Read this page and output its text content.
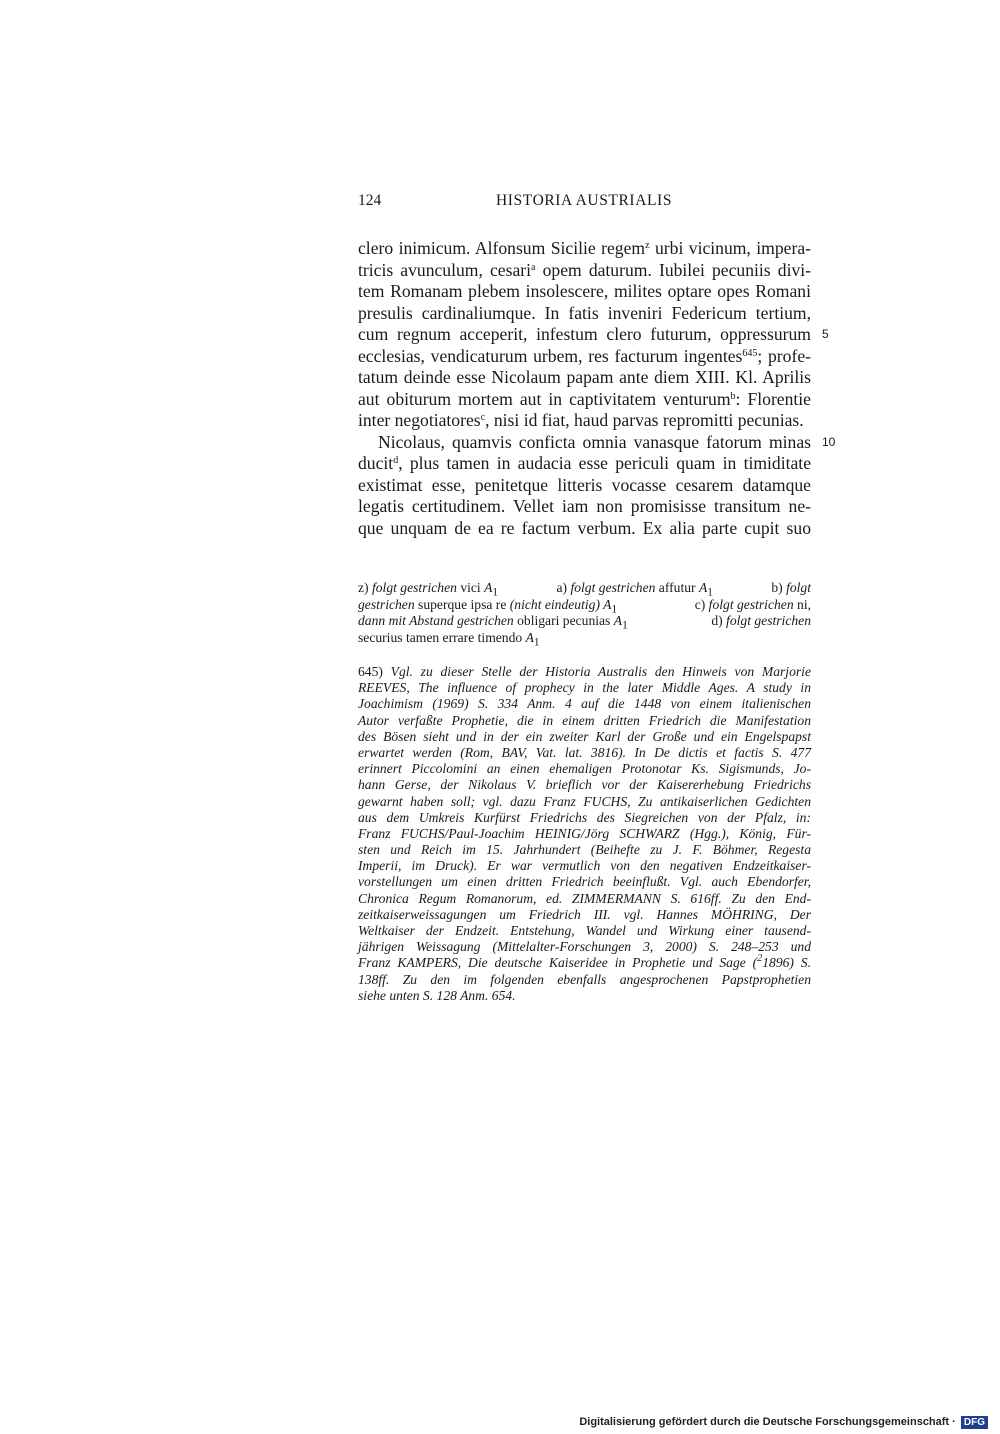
124	HISTORIA AUSTRIALIS
clero inimicum. Alfonsum Sicilie regem$^z$ urbi vicinum, impera-
tricis avunculum, cesari$^a$ opem daturum. Iubilei pecuniis divi-
tem Romanam plebem insolescere, milites optare opes Romani
presulis cardinaliumque. In fatis inveniri Federicum tertium,
cum regnum acceperit, infestum clero futurum, oppressurum 5
ecclesias, vendicaturum urbem, res facturum ingentes$^{645}$; profe-
tatum deinde esse Nicolaum papam ante diem XIII. Kl. Aprilis
aut obiturum mortem aut in captivitatem venturum$^b$: Florentie
inter negotiatores$^c$, nisi id fiat, haud parvas repromitti pecunias.
Nicolaus, quamvis conficta omnia vanasque fatorum minas 10
ducit$^d$, plus tamen in audacia esse periculi quam in timiditate
existimat esse, penitetque litteris vocasse cesarem datamque
legatis certitudinem. Vellet iam non promisisse transitum ne-
que unquam de ea re factum verbum. Ex alia parte cupit suo
z) folgt gestrichen vici $A_1$	a) folgt gestrichen affutur $A_1$	b) folgt
gestrichen superque ipsa re (nicht eindeutig) $A_1$	c) folgt gestrichen ni,
dann mit Abstand gestrichen obligari pecunias $A_1$	d) folgt gestrichen
securius tamen errare timendo $A_1$
645) Vgl. zu dieser Stelle der Historia Australis den Hinweis von Marjorie
REEVES, The influence of prophecy in the later Middle Ages. A study in
Joachimism (1969) S. 334 Anm. 4 auf die 1448 von einem italienischen
Autor verfaßte Prophetie, die in einem dritten Friedrich die Manifestation
des Bösen sieht und in der ein zweiter Karl der Große und ein Engelspapst
erwartet werden (Rom, BAV, Vat. lat. 3816). In De dictis et factis S. 477
erinnert Piccolomini an einen ehemaligen Protonotar Ks. Sigismunds, Jo-
hann Gerse, der Nikolaus V. brieflich vor der Kaisererhebung Friedrichs
gewarnt haben soll; vgl. dazu Franz FUCHS, Zu antikaiserlichen Gedichten
aus dem Umkreis Kurfürst Friedrichs des Siegreichen von der Pfalz, in:
Franz FUCHS/Paul-Joachim HEINIG/Jörg SCHWARZ (Hgg.), König, Für-
sten und Reich im 15. Jahrhundert (Beihefte zu J. F. Böhmer, Regesta
Imperii, im Druck). Er war vermutlich von den negativen Endzeitkaiser-
vorstellungen um einen dritten Friedrich beeinflußt. Vgl. auch Ebendorfer,
Chronica Regum Romanorum, ed. ZIMMERMANN S. 616ff. Zu den End-
zeitkaiserweissagungen um Friedrich III. vgl. Hannes MÖHRING, Der
Weltkaiser der Endzeit. Entstehung, Wandel und Wirkung einer tausend-
jährigen Weissagung (Mittelalter-Forschungen 3, 2000) S. 248–253 und
Franz KAMPERS, Die deutsche Kaiseridee in Prophetie und Sage ($^2$1896) S.
138ff. Zu den im folgenden ebenfalls angesprochenen Papstprophetien
siehe unten S. 128 Anm. 654.
Digitalisierung gefördert durch die Deutsche Forschungsgemeinschaft · DFG
